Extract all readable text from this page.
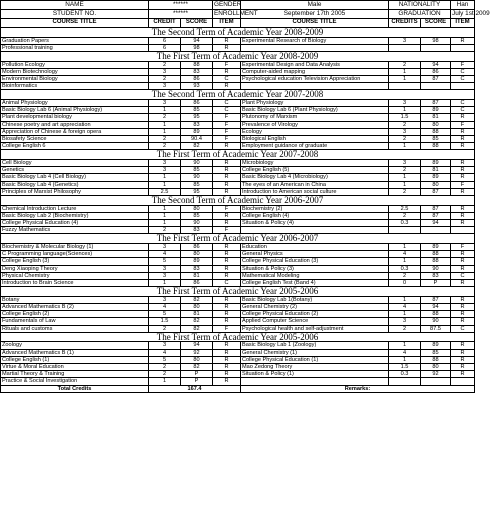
NAME	******		GENDER	Male	NATIONALITY		Han
STUDENT NO.	******		ENROLLMENT	September 17th 2005	GRADUATION		July 1st 2009
COURSE TITLE	CREDIT	SCORE	ITEM	COURSE TITLE	CREDITS	SCORE	ITEM
The Second Term of Academic Year 2008-2009							
Graduation Papers	6	94	R	Experimental Research of Biology	3	98	R
Professional training	6	98	R				
The First Term of Academic Year 2008-2009							
Pollution Ecology	2	88	F	Experimental Design and Data Analysis	2	94	F
Modern Biotechnology	3	83	R	Computer-aided mapping	1	86	C
Environmental Biology	2	86	C	Psychological education Television Appreciation	1	87	C
Bioinformatics	3	93	R				
The Second Term of Academic Year 2007-2008							
Animal Physiology	3	86	C	Plant Physiology	3	87	C
Basic Biology Lab 6 (Animal Physiology)	1	85	C	Basic Biology Lab 6 (Plant Physiology)	1	89	C
Plant developmental biology	2	95	F	Plutonomy of Marxism	1.5	81	R
Chinese poetry and art appreciation	1	83	F	Prevalence of Virology	2	80	F
Appreciation of Chinese & foreign opera	1	89	F	Ecology	3	88	R
Biosafety Science	2	90.4	F	Biological English	2	85	R
College English 6	2	82	R	Employment guidance of graduate	1	88	R
The First Term of Academic Year 2007-2008							
Cell Biology	3	90	R	Microbiology	3	89	R
Genetics	3	85	R	College English (5)	2	81	R
Basic Biology Lab 4 (Cell Biology)	1	90	R	Basic Biology Lab 4 (Microbiology)	1	89	R
Basic Biology Lab 4 (Genetics)	1	85	R	The eyes of an American in China	1	80	F
Principles of Marxist Philosophy	2.5	95	R	Introduction to American social culture	2	87	R
The Second Term of Academic Year 2006-2007							
Chemical Introduction Lecture	1	80	F	Biochemistry (2)	2.5	87	R
Basic Biology Lab 2 (Biochemistry)	1	85	R	College English (4)	2	87	R
College Physical Education (4)	1	90	R	Situation & Policy (4)	0.3	94	R
Fuzzy Mathematics	2	83	F				
The First Term of Academic Year 2006-2007							
Biochemistry & Molecular Biology (1)	3	86	R	Education	1	89	F
C Programming language(Sciences)	4	80	R	General Physics	4	88	R
College English (3)	5	89	R	College Physical Education (3)	1	88	R
Deng Xiaoping Theory	3	83	R	Situation & Policy (3)	0.3	90	R
Physical Chemistry	3	81	R	Mathematical Modeling	2	83	C
Introduction to Brain Science	1	86	C	College English Test (Band 4)	0	P	R
The First Term of Academic Year 2005-2006							
Botany	3	82	R	Basic Biology Lab 1(Botany)	1	87	R
Advanced Mathematics B (2)	4	80	R	General Chemistry (2)	4	94	R
College English (2)	5	81	R	College Physical Education (2)	1	88	R
Fundamentals of Law	1.5	82	R	Applied Computer Science	3	90	R
Rituals and customs	2	82	F	Psychological health and self-adjustment	2	87.5	C
The First Term of Academic Year 2005-2006							
Zoology	3	94	R	Basic Biology Lab 1 (Zoology)	1	89	R
Advanced Mathematics B (1)	4	92	R	General Chemistry (1)	4	85	R
College English (1)	5	80	R	College Physical Education (1)	1	88	R
Virtue & Moral Education	2	82	R	Mao Zedong Theory	1.5	80	R
Martial Theory & Training	2	P	R	Situation & Policy (1)	0.3	92	R
Practice & Social Investigation	1	P	R				
Total Credits	167.4			Remarks:			
